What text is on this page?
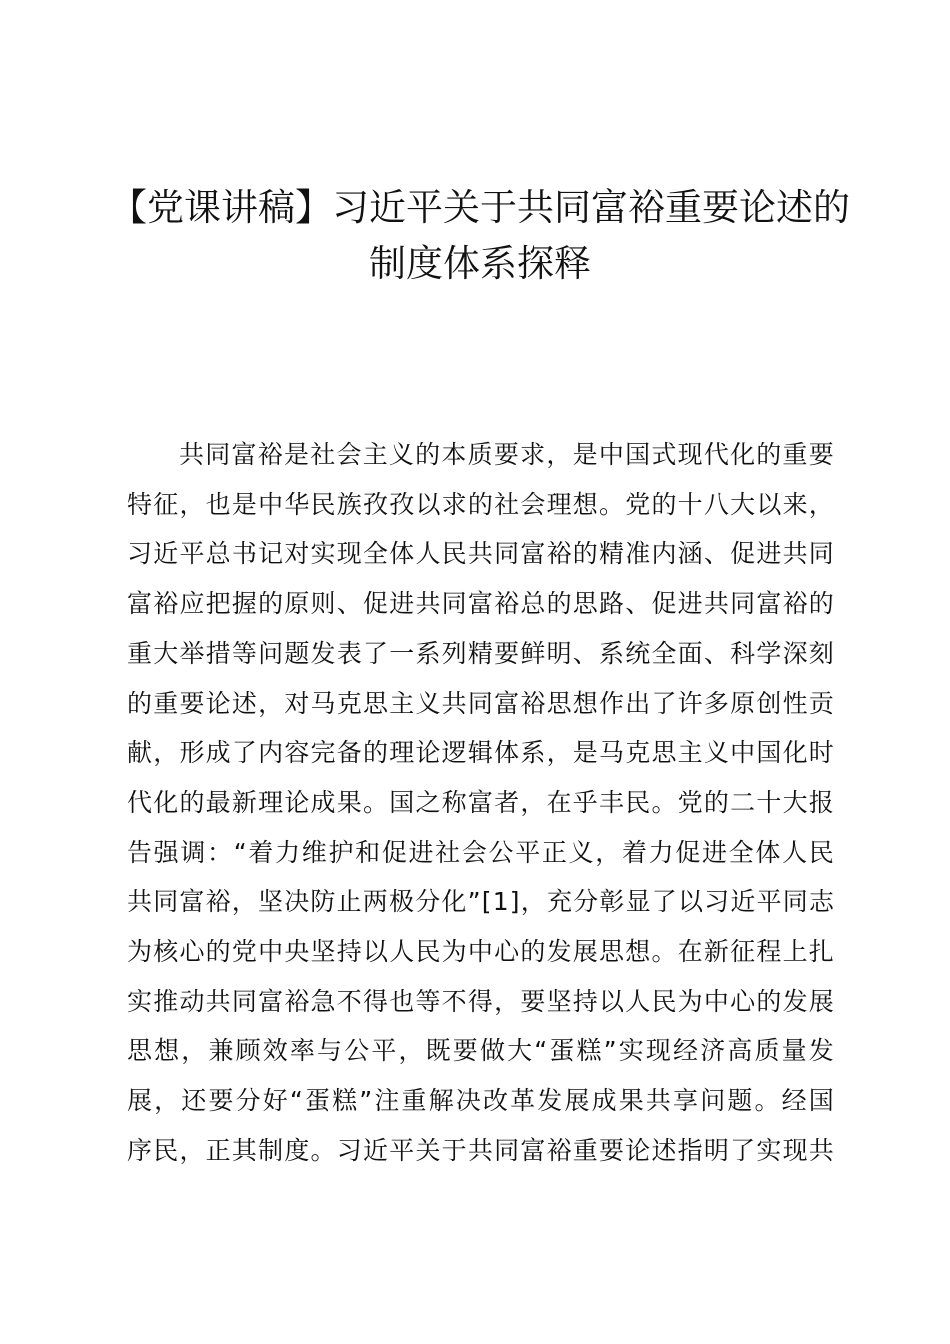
【党课讲稿】习近平关于共同富裕重要论述的
制度体系探释
共同富裕是社会主义的本质要求，是中国式现代化的重要
特征，也是中华民族孜孜以求的社会理想。党的十八大以来，
习近平总书记对实现全体人民共同富裕的精准内涵、促进共同
富裕应把握的原则、促进共同富裕总的思路、促进共同富裕的
重大举措等问题发表了一系列精要鲜明、系统全面、科学深刻
的重要论述，对马克思主义共同富裕思想作出了许多原创性贡
献，形成了内容完备的理论逻辑体系，是马克思主义中国化时
代化的最新理论成果。国之称富者，在乎丰民。党的二十大报
告强调：“着力维护和促进社会公平正义，着力促进全体人民
共同富裕，坚决防止两极分化”[1]，充分彰显了以习近平同志
为核心的党中央坚持以人民为中心的发展思想。在新征程上扎
实推动共同富裕急不得也等不得，要坚持以人民为中心的发展
思想，兼顾效率与公平，既要做大“蛋糕”实现经济高质量发
展，还要分好“蛋糕”注重解决改革发展成果共享问题。经国
序民，正其制度。习近平关于共同富裕重要论述指明了实现共
